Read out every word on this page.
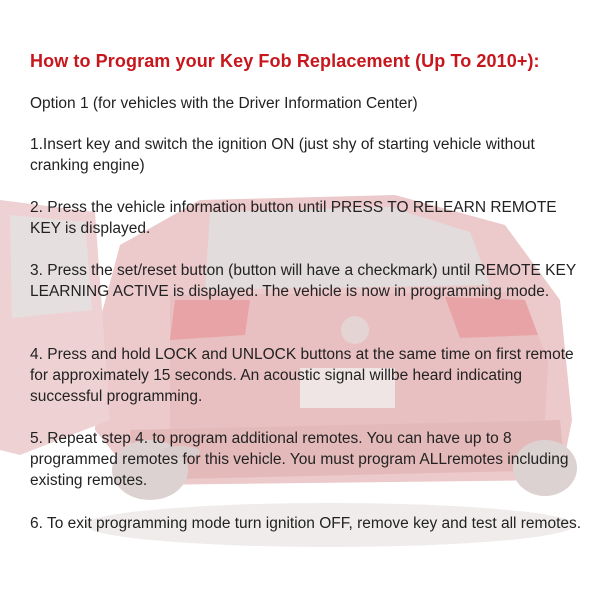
How to Program your Key Fob Replacement (Up To 2010+):
Option 1 (for vehicles with the Driver Information Center)
1.Insert key and switch the ignition ON (just shy of starting vehicle without cranking engine)
2. Press the vehicle information button until PRESS TO RELEARN REMOTE KEY is displayed.
3. Press the set/reset button (button will have a checkmark) until REMOTE KEY LEARNING ACTIVE is displayed. The vehicle is now in programming mode.
4. Press and hold LOCK and UNLOCK buttons at the same time on first remote for approximately 15 seconds. An acoustic signal willbe heard indicating successful programming.
5. Repeat step 4. to program additional remotes. You can have up to 8 programmed remotes for this vehicle. You must program ALLremotes including existing remotes.
6. To exit programming mode turn ignition OFF, remove key and test all remotes.
